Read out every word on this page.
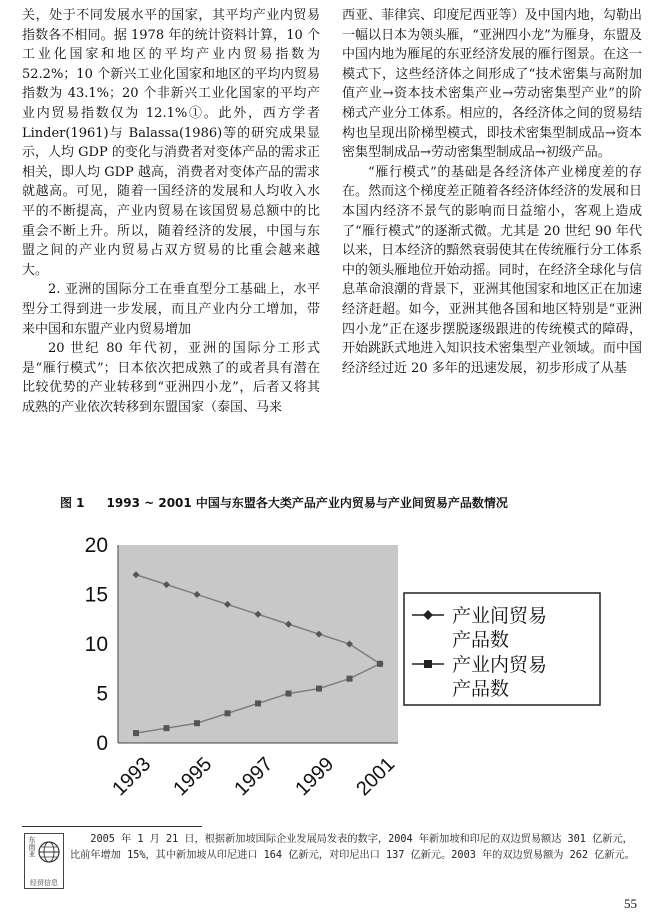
关，处于不同发展水平的国家，其平均产业内贸易指数各不相同。据 1978 年的统计资料计算，10 个工业化国家和地区的平均产业内贸易指数为 52.2%；10 个新兴工业化国家和地区的平均内贸易指数为 43.1%；20 个非新兴工业化国家的平均产业内贸易指数仅为 12.1%①。此外，西方学者 Linder(1961)与 Balassa(1986)等的研究成果显示，人均 GDP 的变化与消费者对变体产品的需求正相关，即人均 GDP 越高，消费者对变体产品的需求就越高。可见，随着一国经济的发展和人均收入水平的不断提高，产业内贸易在该国贸易总额中的比重会不断上升。所以，随着经济的发展，中国与东盟之间的产业内贸易占双方贸易的比重会越来越大。

2. 亚洲的国际分工在垂直型分工基础上，水平型分工得到进一步发展，而且产业内分工增加，带来中国和东盟产业内贸易增加

20 世纪 80 年代初，亚洲的国际分工形式是“雁行模式”；日本依次把成熟了的或者具有潜在比较优势的产业转移到“亚洲四小龙”，后者又将其成熟的产业依次转移到东盟国家（泰国、马来

西亚、菲律宾、印度尼西亚等）及中国内地，勾勒出一幅以日本为领头雁，“亚洲四小龙”为雁身，东盟及中国内地为雁尾的东亚经济发展的雁行图景。在这一模式下，这些经济体之间形成了“技术密集与高附加值产业→资本技术密集产业→劳动密集型产业”的阶梯式产业分工体系。相应的，各经济体之间的贸易结构也呈现出阶梯型模式，即技术密集型制成品→资本密集型制成品→劳动密集型制成品→初级产品。

“雁行模式”的基础是各经济体产业梯度差的存在。然而这个梯度差正随着各经济体经济的发展和日本国内经济不景气的影响而日益缩小，客观上造成了“雁行模式”的逐渐式微。尤其是 20 世纪 90 年代以来，日本经济的黯然衰弱使其在传统雁行分工体系中的领头雁地位开始动摇。同时，在经济全球化与信息革命浪潮的背景下，亚洲其他国家和地区正在加速经济赶超。如今，亚洲其他各国和地区特别是“亚洲四小龙”正在逐步摆脱逐级跟进的传统模式的障碍，开始跳跃式地进入知识技术密集型产业领域。而中国经济经过近 20 多年的迅速发展，初步形成了从基

图 1 1993 ~ 2001 中国与东盟各大类产品产业内贸易与产业间贸易产品数情况
20
15
10
5
0
1993 1995 1997 1999 2001
产业间贸易
产品数
产业内贸易
产品数
东南亚
经贸信息
2005 年 1 月 21 日，根据新加坡国际企业发展局发表的数字，2004 年新加坡和印尼的双边贸易额达 301 亿新元，比前年增加 15%，其中新加坡从印尼进口 164 亿新元，对印尼出口 137 亿新元。2003 年的双边贸易额为 262 亿新元。
55
